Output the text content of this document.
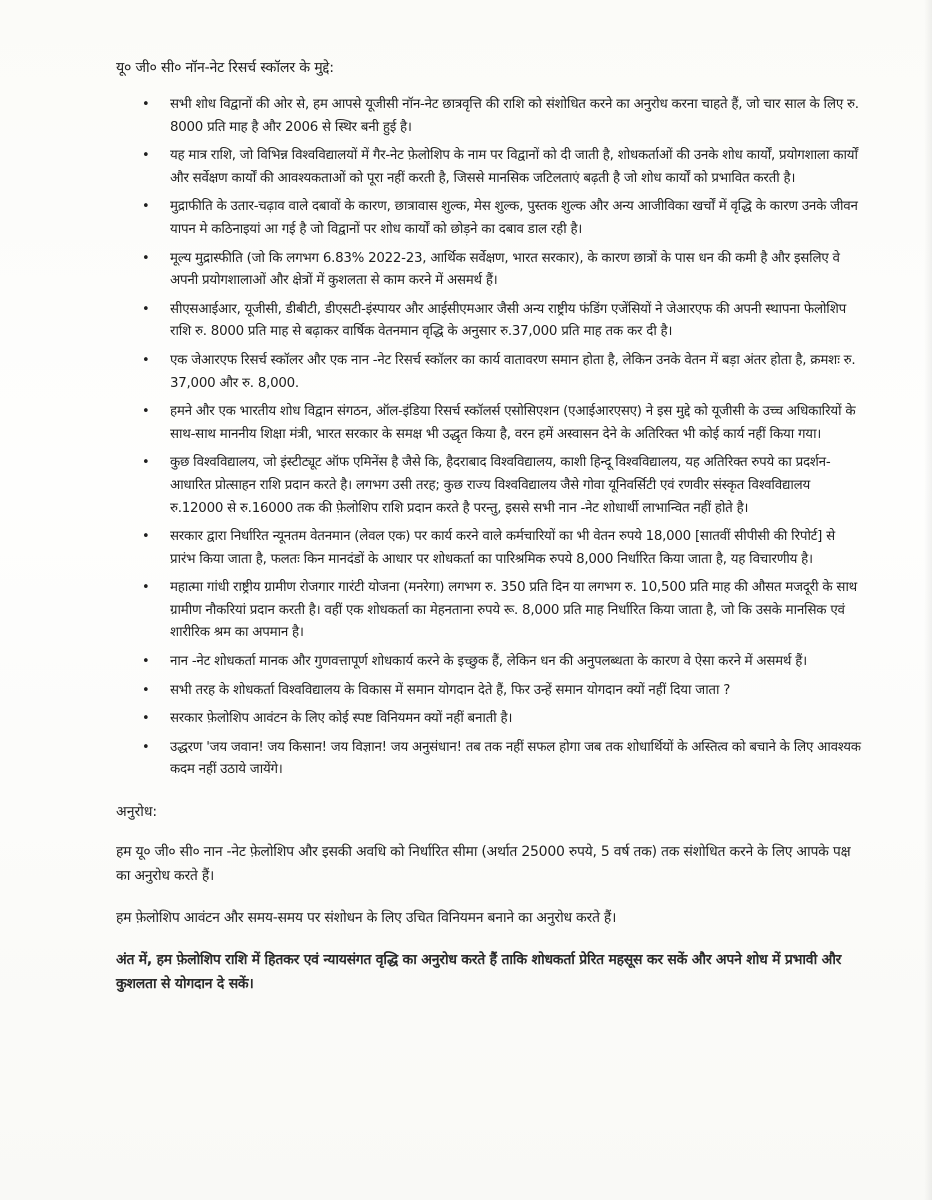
यू० जी० सी० नॉन-नेट रिसर्च स्कॉलर के मुद्दे:
• सभी शोध विद्वानों की ओर से, हम आपसे यूजीसी नॉन-नेट छात्रवृत्ति की राशि को संशोधित करने का अनुरोध करना चाहते हैं, जो चार साल के लिए रु. 8000 प्रति माह है और 2006 से स्थिर बनी हुई है।
• यह मात्र राशि, जो विभिन्न विश्वविद्यालयों में गैर-नेट फ़ेलोशिप के नाम पर विद्वानों को दी जाती है, शोधकर्ताओं की उनके शोध कार्यों, प्रयोगशाला कार्यों और सर्वेक्षण कार्यों की आवश्यकताओं को पूरा नहीं करती है, जिससे मानसिक जटिलताएं बढ़ती है जो शोध कार्यों को प्रभावित करती है।
• मुद्राफीति के उतार-चढ़ाव वाले दबावों के कारण, छात्रावास शुल्क, मेस शुल्क, पुस्तक शुल्क और अन्य आजीविका खर्चों में वृद्धि के कारण उनके जीवन यापन मे कठिनाइयां आ गई है जो विद्वानों पर शोध कार्यों को छोड़ने का दबाव डाल रही है।
• मूल्य मुद्रास्फीति (जो कि लगभग 6.83% 2022-23, आर्थिक सर्वेक्षण, भारत सरकार), के कारण छात्रों के पास धन की कमी है और इसलिए वे अपनी प्रयोगशालाओं और क्षेत्रों में कुशलता से काम करने में असमर्थ हैं।
• सीएसआईआर, यूजीसी, डीबीटी, डीएसटी-इंस्पायर और आईसीएमआर जैसी अन्य राष्ट्रीय फंडिंग एजेंसियों ने जेआरएफ की अपनी स्थापना फेलोशिप राशि रु. 8000 प्रति माह से बढ़ाकर वार्षिक वेतनमान वृद्धि के अनुसार रु.37,000 प्रति माह तक कर दी है।
• एक जेआरएफ रिसर्च स्कॉलर और एक नान -नेट रिसर्च स्कॉलर का कार्य वातावरण समान होता है, लेकिन उनके वेतन में बड़ा अंतर होता है, क्रमशः रु. 37,000 और रु. 8,000.
• हमने और एक भारतीय शोध विद्वान संगठन, ऑल-इंडिया रिसर्च स्कॉलर्स एसोसिएशन (एआईआरएसए) ने इस मुद्दे को यूजीसी के उच्च अधिकारियों के साथ-साथ माननीय शिक्षा मंत्री, भारत सरकार के समक्ष भी उद्धृत किया है, वरन हमें अस्वासन देने के अतिरिक्त भी कोई कार्य नहीं किया गया।
• कुछ विश्वविद्यालय, जो इंस्टीट्यूट ऑफ एमिनेंस है जैसे कि, हैदराबाद विश्वविद्यालय, काशी हिन्दू विश्वविद्यालय, यह अतिरिक्त रुपये का प्रदर्शन-आधारित प्रोत्साहन राशि प्रदान करते है। लगभग उसी तरह; कुछ राज्य विश्वविद्यालय जैसे गोवा यूनिवर्सिटी एवं रणवीर संस्कृत विश्वविद्यालय रु.12000 से रु.16000 तक की फ़ेलोशिप राशि प्रदान करते है परन्तु, इससे सभी नान -नेट शोधार्थी लाभान्वित नहीं होते है।
• सरकार द्वारा निर्धारित न्यूनतम वेतनमान (लेवल एक) पर कार्य करने वाले कर्मचारियों का भी वेतन रुपये 18,000 [सातवीं सीपीसी की रिपोर्ट] से प्रारंभ किया जाता है, फलतः किन मानदंडों के आधार पर शोधकर्ता का पारिश्रमिक रुपये 8,000 निर्धारित किया जाता है, यह विचारणीय है।
• महात्मा गांधी राष्ट्रीय ग्रामीण रोजगार गारंटी योजना (मनरेगा) लगभग रु. 350 प्रति दिन या लगभग रु. 10,500 प्रति माह की औसत मजदूरी के साथ ग्रामीण नौकरियां प्रदान करती है। वहीं एक शोधकर्ता का मेहनताना रुपये रू. 8,000 प्रति माह निर्धारित किया जाता है, जो कि उसके मानसिक एवं शारीरिक श्रम का अपमान है।
• नान -नेट शोधकर्ता मानक और गुणवत्तापूर्ण शोधकार्य करने के इच्छुक हैं, लेकिन धन की अनुपलब्धता के कारण वे ऐसा करने में असमर्थ हैं।
• सभी तरह के शोधकर्ता विश्वविद्यालय के विकास में समान योगदान देते हैं, फिर उन्हें समान योगदान क्यों नहीं दिया जाता ?
• सरकार फ़ेलोशिप आवंटन के लिए कोई स्पष्ट विनियमन क्यों नहीं बनाती है।
• उद्धरण 'जय जवान! जय किसान! जय विज्ञान! जय अनुसंधान! तब तक नहीं सफल होगा जब तक शोधार्थियों के अस्तित्व को बचाने के लिए आवश्यक कदम नहीं उठाये जायेंगे।
अनुरोध:

हम यू० जी० सी० नान -नेट फ़ेलोशिप और इसकी अवधि को निर्धारित सीमा (अर्थात 25000 रुपये, 5 वर्ष तक) तक संशोधित करने के लिए आपके पक्ष का अनुरोध करते हैं।

हम फ़ेलोशिप आवंटन और समय-समय पर संशोधन के लिए उचित विनियमन बनाने का अनुरोध करते हैं।

अंत में, हम फ़ेलोशिप राशि में हितकर एवं न्यायसंगत वृद्धि का अनुरोध करते हैं ताकि शोधकर्ता प्रेरित महसूस कर सकें और अपने शोध में प्रभावी और कुशलता से योगदान दे सकें।
